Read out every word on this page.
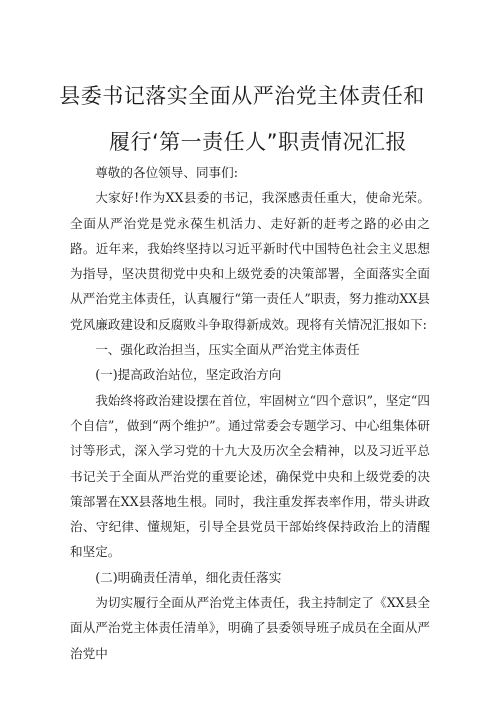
县委书记落实全面从严治党主体责任和
履行‘第一责任人”职责情况汇报

尊敬的各位领导、同事们:

大家好!作为XX县委的书记，我深感责任重大，使命光荣。全面从严治党是党永葆生机活力、走好新的赶考之路的必由之路。近年来，我始终坚持以习近平新时代中国特色社会主义思想为指导，坚决贯彻党中央和上级党委的决策部署，全面落实全面从严治党主体责任，认真履行“第一责任人”职责，努力推动XX县党风廉政建设和反腐败斗争取得新成效。现将有关情况汇报如下:

一、强化政治担当，压实全面从严治党主体责任

(一)提高政治站位，坚定政治方向

我始终将政治建设摆在首位，牢固树立“四个意识”，坚定“四个自信”，做到“两个维护”。通过常委会专题学习、中心组集体研讨等形式，深入学习党的十九大及历次全会精神，以及习近平总书记关于全面从严治党的重要论述，确保党中央和上级党委的决策部署在XX县落地生根。同时，我注重发挥表率作用，带头讲政治、守纪律、懂规矩，引导全县党员干部始终保持政治上的清醒和坚定。

(二)明确责任清单，细化责任落实

为切实履行全面从严治党主体责任，我主持制定了《XX县全面从严治党主体责任清单》，明确了县委领导班子成员在全面从严治党中
